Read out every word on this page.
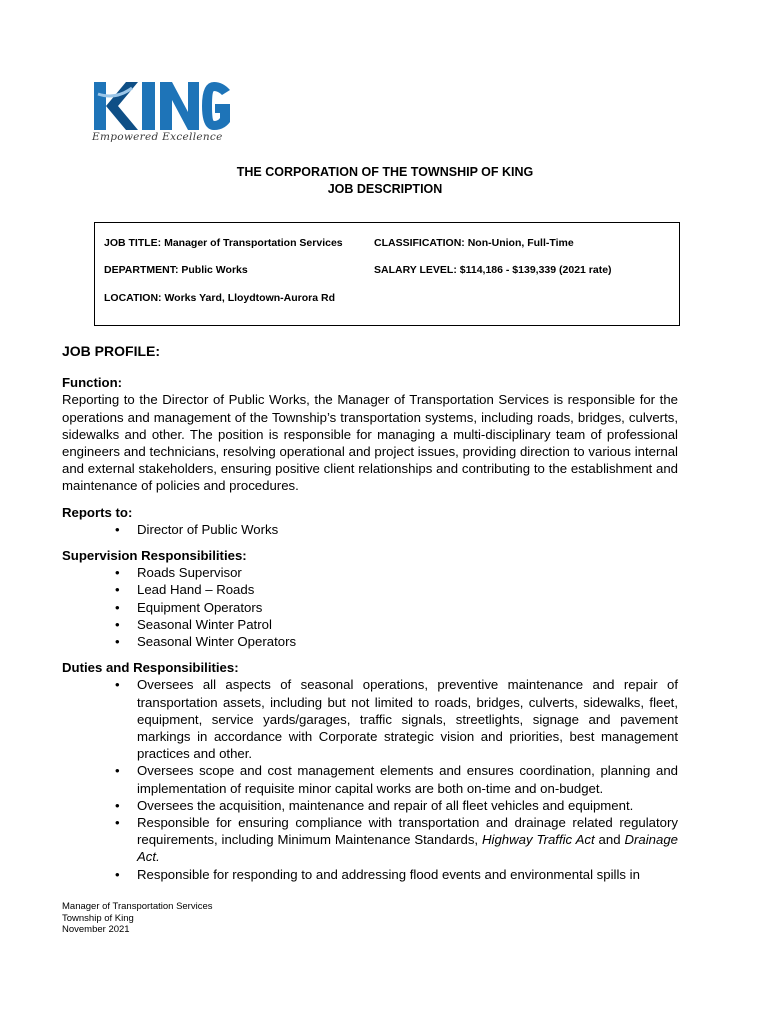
Empowered Excellence
THE CORPORATION OF THE TOWNSHIP OF KING
JOB DESCRIPTION
JOB TITLE: Manager of Transportation Services	CLASSIFICATION: Non-Union, Full-Time
DEPARTMENT: Public Works	SALARY LEVEL: $114,186 - $139,339 (2021 rate)
LOCATION: Works Yard, Lloydtown-Aurora Rd
JOB PROFILE:
Function:

Reporting to the Director of Public Works, the Manager of Transportation Services is responsible for the operations and management of the Township’s transportation systems, including roads, bridges, culverts, sidewalks and other. The position is responsible for managing a multi-disciplinary team of professional engineers and technicians, resolving operational and project issues, providing direction to various internal and external stakeholders, ensuring positive client relationships and contributing to the establishment and maintenance of policies and procedures.

Reports to:
• Director of Public Works
Supervision Responsibilities:
• Roads Supervisor
• Lead Hand – Roads
• Equipment Operators
• Seasonal Winter Patrol
• Seasonal Winter Operators
Duties and Responsibilities:
• Oversees all aspects of seasonal operations, preventive maintenance and repair of transportation assets, including but not limited to roads, bridges, culverts, sidewalks, fleet, equipment, service yards/garages, traffic signals, streetlights, signage and pavement markings in accordance with Corporate strategic vision and priorities, best management practices and other.
• Oversees scope and cost management elements and ensures coordination, planning and implementation of requisite minor capital works are both on-time and on-budget.
• Oversees the acquisition, maintenance and repair of all fleet vehicles and equipment.
• Responsible for ensuring compliance with transportation and drainage related regulatory requirements, including Minimum Maintenance Standards, Highway Traffic Act and Drainage Act.
• Responsible for responding to and addressing flood events and environmental spills in
Manager of Transportation Services
Township of King
November 2021
